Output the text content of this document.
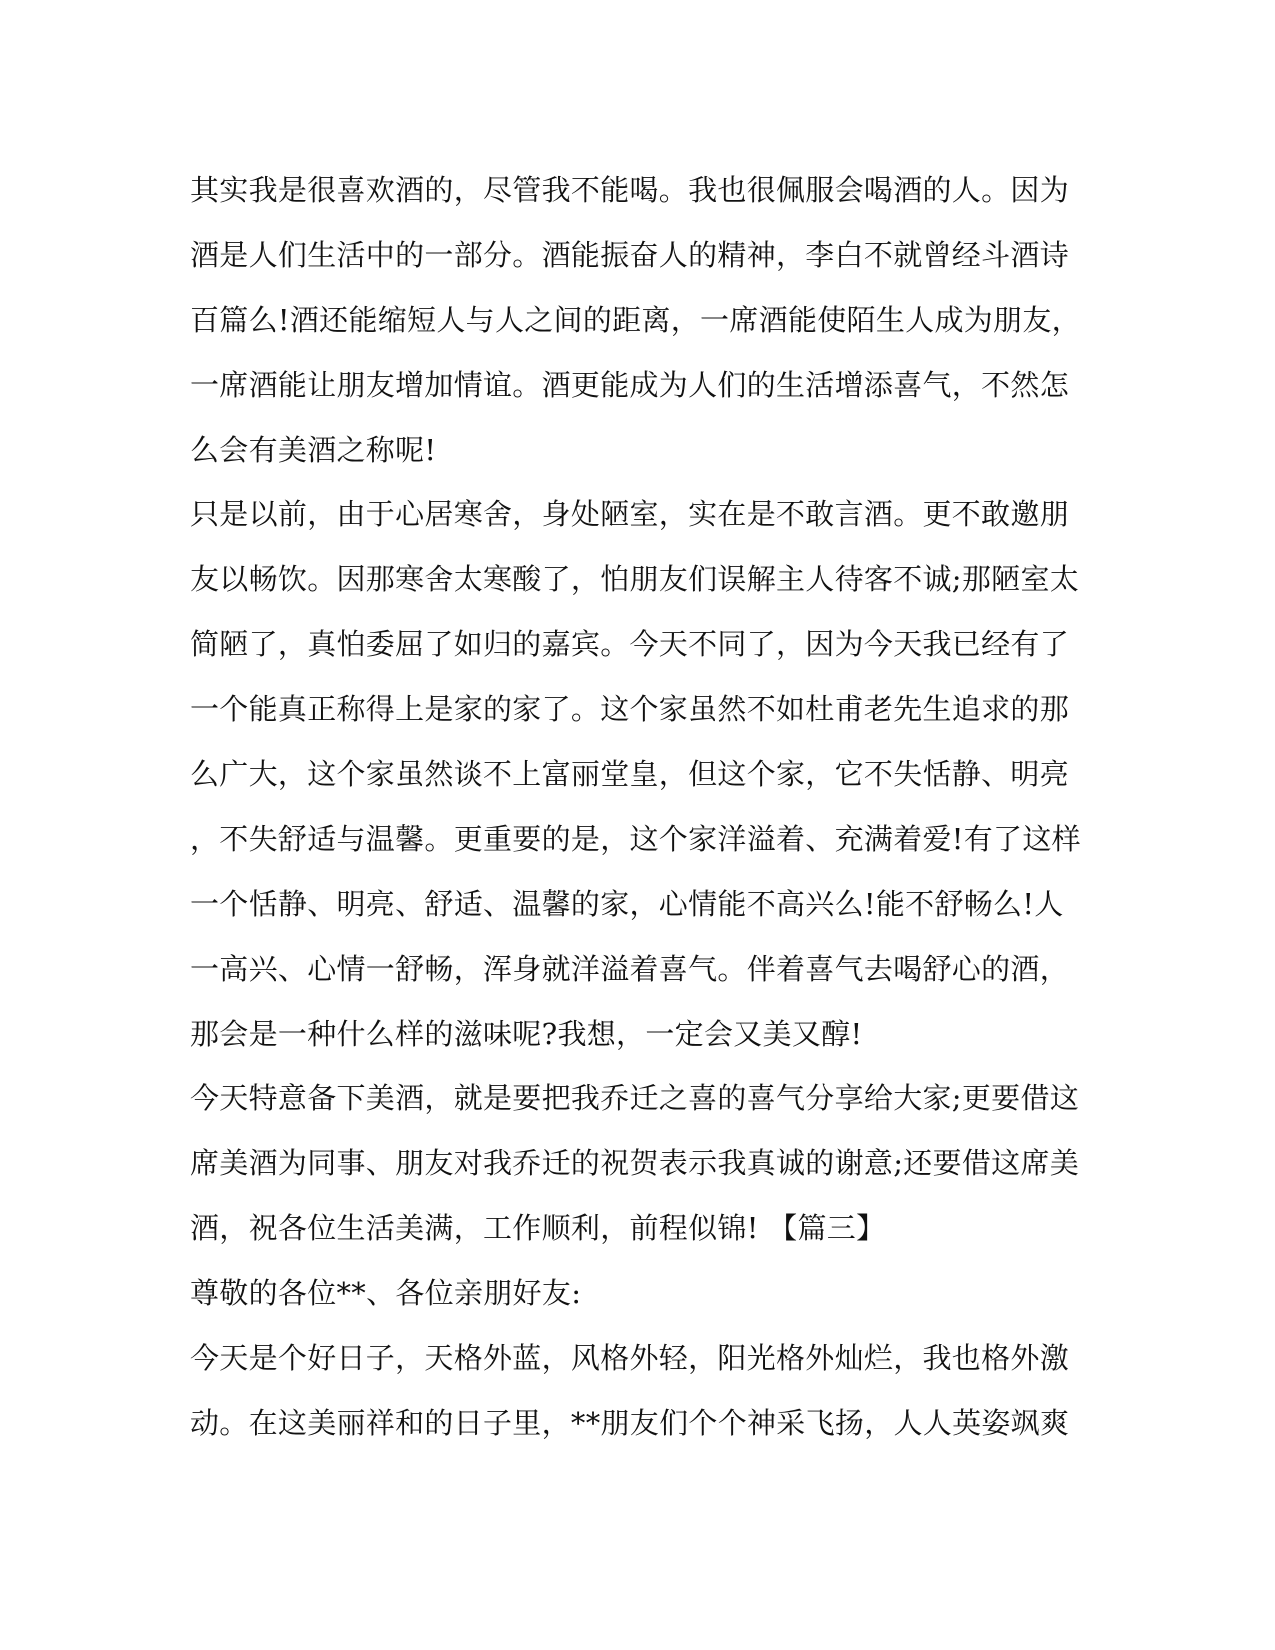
其实我是很喜欢酒的，尽管我不能喝。我也很佩服会喝酒的人。因为
酒是人们生活中的一部分。酒能振奋人的精神，李白不就曾经斗酒诗
百篇么!酒还能缩短人与人之间的距离，一席酒能使陌生人成为朋友，
一席酒能让朋友增加情谊。酒更能成为人们的生活增添喜气，不然怎
么会有美酒之称呢!
只是以前，由于心居寒舍，身处陋室，实在是不敢言酒。更不敢邀朋
友以畅饮。因那寒舍太寒酸了，怕朋友们误解主人待客不诚;那陋室太
简陋了，真怕委屈了如归的嘉宾。今天不同了，因为今天我已经有了
一个能真正称得上是家的家了。这个家虽然不如杜甫老先生追求的那
么广大，这个家虽然谈不上富丽堂皇，但这个家，它不失恬静、明亮
，不失舒适与温馨。更重要的是，这个家洋溢着、充满着爱!有了这样
一个恬静、明亮、舒适、温馨的家，心情能不高兴么!能不舒畅么!人
一高兴、心情一舒畅，浑身就洋溢着喜气。伴着喜气去喝舒心的酒，
那会是一种什么样的滋味呢?我想，一定会又美又醇!
今天特意备下美酒，就是要把我乔迁之喜的喜气分享给大家;更要借这
席美酒为同事、朋友对我乔迁的祝贺表示我真诚的谢意;还要借这席美
酒，祝各位生活美满，工作顺利，前程似锦! 【篇三】
尊敬的各位**、各位亲朋好友:
今天是个好日子，天格外蓝，风格外轻，阳光格外灿烂，我也格外激
动。在这美丽祥和的日子里，**朋友们个个神采飞扬，人人英姿飒爽
